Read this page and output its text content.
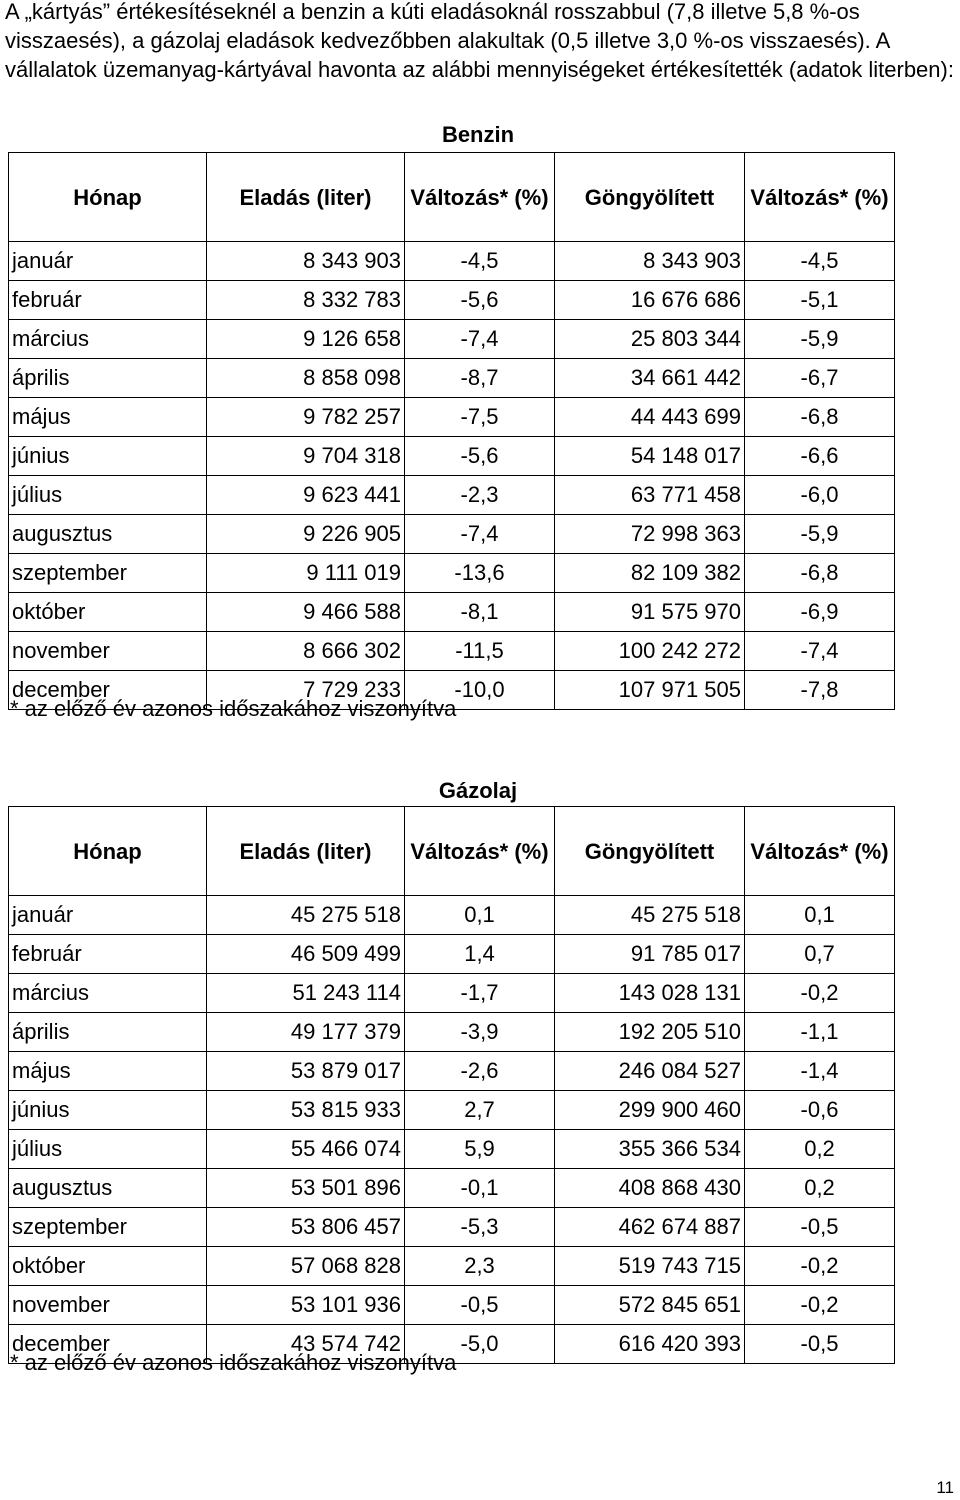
A „kártyás” értékesítéseknél a benzin a kúti eladásoknál rosszabbul (7,8 illetve 5,8 %-os visszaesés), a gázolaj eladások kedvezőbben alakultak (0,5 illetve 3,0 %-os visszaesés). A vállalatok üzemanyag-kártyával havonta az alábbi mennyiségeket értékesítették (adatok literben):

Benzin
Hónap	Eladás (liter)	Változás* (%)	Göngyölített	Változás* (%)
január	8 343 903	-4,5	8 343 903	-4,5
február	8 332 783	-5,6	16 676 686	-5,1
március	9 126 658	-7,4	25 803 344	-5,9
április	8 858 098	-8,7	34 661 442	-6,7
május	9 782 257	-7,5	44 443 699	-6,8
június	9 704 318	-5,6	54 148 017	-6,6
július	9 623 441	-2,3	63 771 458	-6,0
augusztus	9 226 905	-7,4	72 998 363	-5,9
szeptember	9 111 019	-13,6	82 109 382	-6,8
október	9 466 588	-8,1	91 575 970	-6,9
november	8 666 302	-11,5	100 242 272	-7,4
december	7 729 233	-10,0	107 971 505	-7,8

* az előző év azonos időszakához viszonyítva

Gázolaj
Hónap	Eladás (liter)	Változás* (%)	Göngyölített	Változás* (%)
január	45 275 518	0,1	45 275 518	0,1
február	46 509 499	1,4	91 785 017	0,7
március	51 243 114	-1,7	143 028 131	-0,2
április	49 177 379	-3,9	192 205 510	-1,1
május	53 879 017	-2,6	246 084 527	-1,4
június	53 815 933	2,7	299 900 460	-0,6
július	55 466 074	5,9	355 366 534	0,2
augusztus	53 501 896	-0,1	408 868 430	0,2
szeptember	53 806 457	-5,3	462 674 887	-0,5
október	57 068 828	2,3	519 743 715	-0,2
november	53 101 936	-0,5	572 845 651	-0,2
december	43 574 742	-5,0	616 420 393	-0,5

* az előző év azonos időszakához viszonyítva

11
